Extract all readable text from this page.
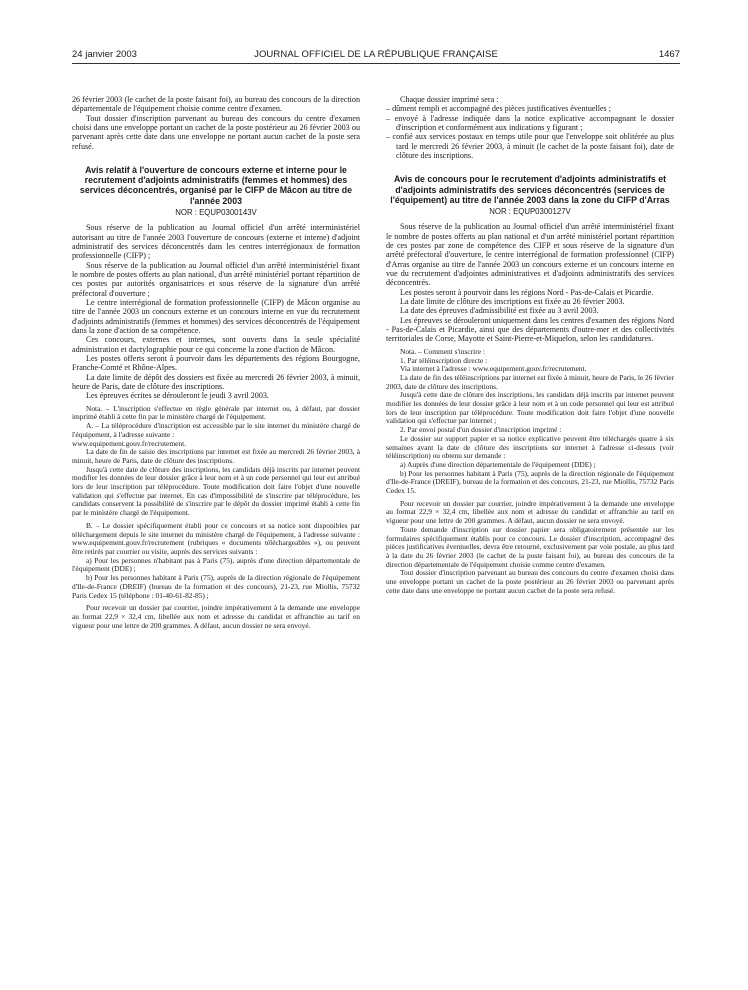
24 janvier 2003	JOURNAL OFFICIEL DE LA RÉPUBLIQUE FRANÇAISE	1467

26 février 2003 (le cachet de la poste faisant foi), au bureau des concours de la direction départementale de l'équipement choisie comme centre d'examen.

Tout dossier d'inscription parvenant au bureau des concours du centre d'examen choisi dans une enveloppe portant un cachet de la poste postérieur au 26 février 2003 ou parvenant après cette date dans une enveloppe ne portant aucun cachet de la poste sera refusé.

Avis relatif à l'ouverture de concours externe et interne pour le recrutement d'adjoints administratifs (femmes et hommes) des services déconcentrés, organisé par le CIFP de Mâcon au titre de l'année 2003

NOR : EQUP0300143V

Sous réserve de la publication au Journal officiel d'un arrêté interministériel autorisant au titre de l'année 2003 l'ouverture de concours (externe et interne) d'adjoint administratif des services déconcentrés dans les centres interrégionaux de formation professionnelle (CIFP) ;

Sous réserve de la publication au Journal officiel d'un arrêté interministériel fixant le nombre de postes offerts au plan national, d'un arrêté ministériel portant répartition de ces postes par autorités organisatrices et sous réserve de la signature d'un arrêté préfectoral d'ouverture ;

Le centre interrégional de formation professionnelle (CIFP) de Mâcon organise au titre de l'année 2003 un concours externe et un concours interne en vue du recrutement d'adjoints administratifs (femmes et hommes) des services déconcentrés de l'équipement dans la zone d'action de sa compétence.

Ces concours, externes et internes, sont ouverts dans la seule spécialité administration et dactylographie pour ce qui concerne la zone d'action de Mâcon.

Les postes offerts seront à pourvoir dans les départements des régions Bourgogne, Franche-Comté et Rhône-Alpes.

La date limite de dépôt des dossiers est fixée au mercredi 26 février 2003, à minuit, heure de Paris, date de clôture des inscriptions.

Les épreuves écrites se dérouleront le jeudi 3 avril 2003.

Nota. – L'inscription s'effectue en règle générale par internet ou, à défaut, par dossier imprimé établi à cette fin par le ministère chargé de l'équipement.

A. – La téléprocédure d'inscription est accessible par le site internet du ministère chargé de l'équipement, à l'adresse suivante :

www.equipement.gouv.fr/recrutement.

La date de fin de saisie des inscriptions par internet est fixée au mercredi 26 février 2003, à minuit, heure de Paris, date de clôture des inscriptions.

Jusqu'à cette date de clôture des inscriptions, les candidats déjà inscrits par internet peuvent modifier les données de leur dossier grâce à leur nom et à un code personnel qui leur est attribué lors de leur inscription par téléprocédure. Toute modification doit faire l'objet d'une nouvelle validation qui s'effectue par internet. En cas d'impossibilité de s'inscrire par téléprocédure, les candidats conservent la possibilité de s'inscrire par le dépôt du dossier imprimé établi à cette fin par le ministère chargé de l'équipement.

B. – Le dossier spécifiquement établi pour ce concours et sa notice sont disponibles par téléchargement depuis le site internet du ministère chargé de l'équipement, à l'adresse suivante : www.equipement.gouv.fr/recrutement (rubriques « documents téléchargeables »), ou peuvent être retirés par courrier ou visite, auprès des services suivants :

a) Pour les personnes n'habitant pas à Paris (75), auprès d'une direction départementale de l'équipement (DDE) ;

b) Pour les personnes habitant à Paris (75), auprès de la direction régionale de l'équipement d'Ile-de-France (DREIF) (bureau de la formation et des concours), 21-23, rue Miollis, 75732 Paris Cedex 15 (téléphone : 01-40-61-82-85) ;

Pour recevoir un dossier par courrier, joindre impérativement à la demande une enveloppe au format 22,9 × 32,4 cm, libellée aux nom et adresse du candidat et affranchie au tarif en vigueur pour une lettre de 200 grammes. A défaut, aucun dossier ne sera envoyé.

Chaque dossier imprimé sera :

– dûment rempli et accompagné des pièces justificatives éventuelles ;

– envoyé à l'adresse indiquée dans la notice explicative accompagnant le dossier d'inscription et conformément aux indications y figurant ;

– confié aux services postaux en temps utile pour que l'enveloppe soit oblitérée au plus tard le mercredi 26 février 2003, à minuit (le cachet de la poste faisant foi), date de clôture des inscriptions.

Avis de concours pour le recrutement d'adjoints administratifs et d'adjoints administratifs des services déconcentrés (services de l'équipement) au titre de l'année 2003 dans la zone du CIFP d'Arras

NOR : EQUP0300127V

Sous réserve de la publication au Journal officiel d'un arrêté interministériel fixant le nombre de postes offerts au plan national et d'un arrêté ministériel portant répartition de ces postes par zone de compétence des CIFP et sous réserve de la signature d'un arrêté préfectoral d'ouverture, le centre interrégional de formation professionnel (CIFP) d'Arras organise au titre de l'année 2003 un concours externe et un concours interne en vue du recrutement d'adjointes administratives et d'adjoints administratifs des services déconcentrés.

Les postes seront à pourvoir dans les régions Nord - Pas-de-Calais et Picardie.

La date limite de clôture des inscriptions est fixée au 26 février 2003.

La date des épreuves d'admissibilité est fixée au 3 avril 2003.

Les épreuves se dérouleront uniquement dans les centres d'examen des régions Nord - Pas-de-Calais et Picardie, ainsi que des départements d'outre-mer et des collectivités territoriales de Corse, Mayotte et Saint-Pierre-et-Miquelon, selon les candidatures.

Nota. – Comment s'inscrire :

1. Par téléinscription directe :

Via internet à l'adresse : www.equipement.gouv.fr/recrutement.

La date de fin des téléinscriptions par internet est fixée à minuit, heure de Paris, le 26 février 2003, date de clôture des inscriptions.

Jusqu'à cette date de clôture des inscriptions, les candidats déjà inscrits par internet peuvent modifier les données de leur dossier grâce à leur nom et à un code personnel qui leur est attribué lors de leur inscription par téléprocédure. Toute modification doit faire l'objet d'une nouvelle validation qui s'effectue par internet ;

2. Par envoi postal d'un dossier d'inscription imprimé :

Le dossier sur support papier et sa notice explicative peuvent être téléchargés quatre à six semaines avant la date de clôture des inscriptions sur internet à l'adresse ci-dessus (voir téléinscription) ou obtenu sur demande :

a) Auprès d'une direction départementale de l'équipement (DDE) ;

b) Pour les personnes habitant à Paris (75), auprès de la direction régionale de l'équipement d'Ile-de-France (DREIF), bureau de la formation et des concours, 21-23, rue Miollis, 75732 Paris Cedex 15.

Pour recevoir un dossier par courrier, joindre impérativement à la demande une enveloppe au format 22,9 × 32,4 cm, libellée aux nom et adresse du candidat et affranchie au tarif en vigueur pour une lettre de 200 grammes. A défaut, aucun dossier ne sera envoyé.

Toute demande d'inscription sur dossier papier sera obligatoirement présentée sur les formulaires spécifiquement établis pour ce concours. Le dossier d'inscription, accompagné des pièces justificatives éventuelles, devra être retourné, exclusivement par voie postale, au plus tard à la date du 26 février 2003 (le cachet de la poste faisant foi), au bureau des concours de la direction départementale de l'équipement choisie comme centre d'examen.

Tout dossier d'inscription parvenant au bureau des concours du centre d'examen choisi dans une enveloppe portant un cachet de la poste postérieur au 26 février 2003 ou parvenant après cette date dans une enveloppe ne portant aucun cachet de la poste sera refusé.
